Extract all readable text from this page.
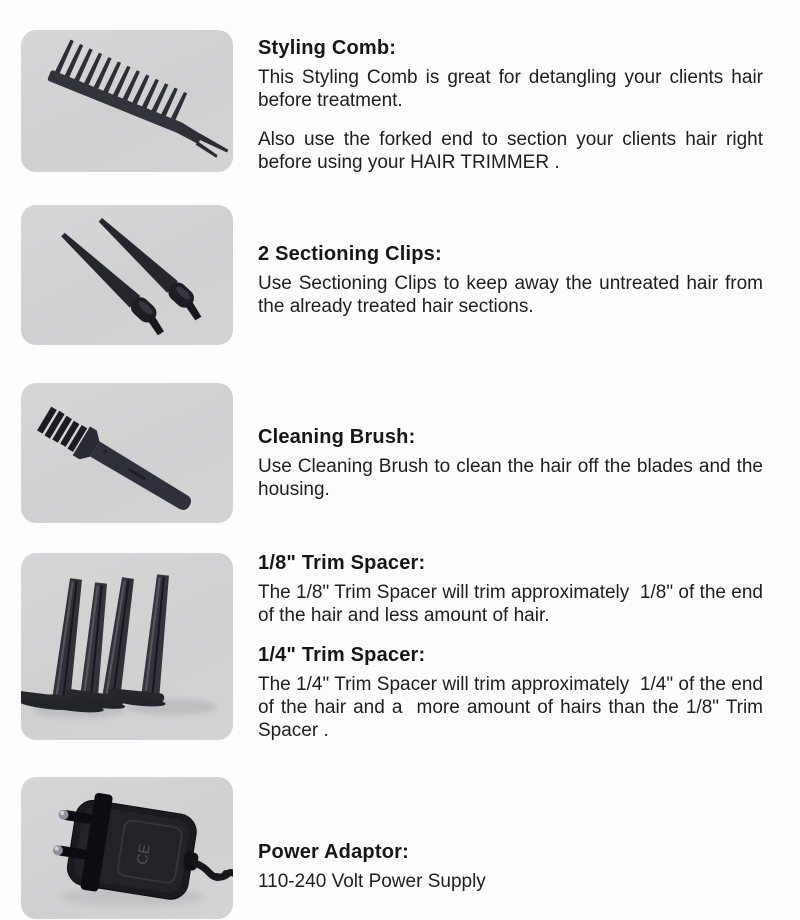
Styling Comb:

This Styling Comb is great for detangling your clients hair before treatment.

Also use the forked end to section your clients hair right before using your HAIR TRIMMER .

2 Sectioning Clips:

Use Sectioning Clips to keep away the untreated hair from the already treated hair sections.

Cleaning Brush:

Use Cleaning Brush to clean the hair off the blades and the housing.

1/8" Trim Spacer:

The 1/8" Trim Spacer will trim approximately  1/8" of the end of the hair and less amount of hair.

1/4" Trim Spacer:

The 1/4" Trim Spacer will trim approximately  1/4" of the end of the hair and a  more amount of hairs than the 1/8" Trim Spacer .

CE	Power Adaptor:

110-240 Volt Power Supply
